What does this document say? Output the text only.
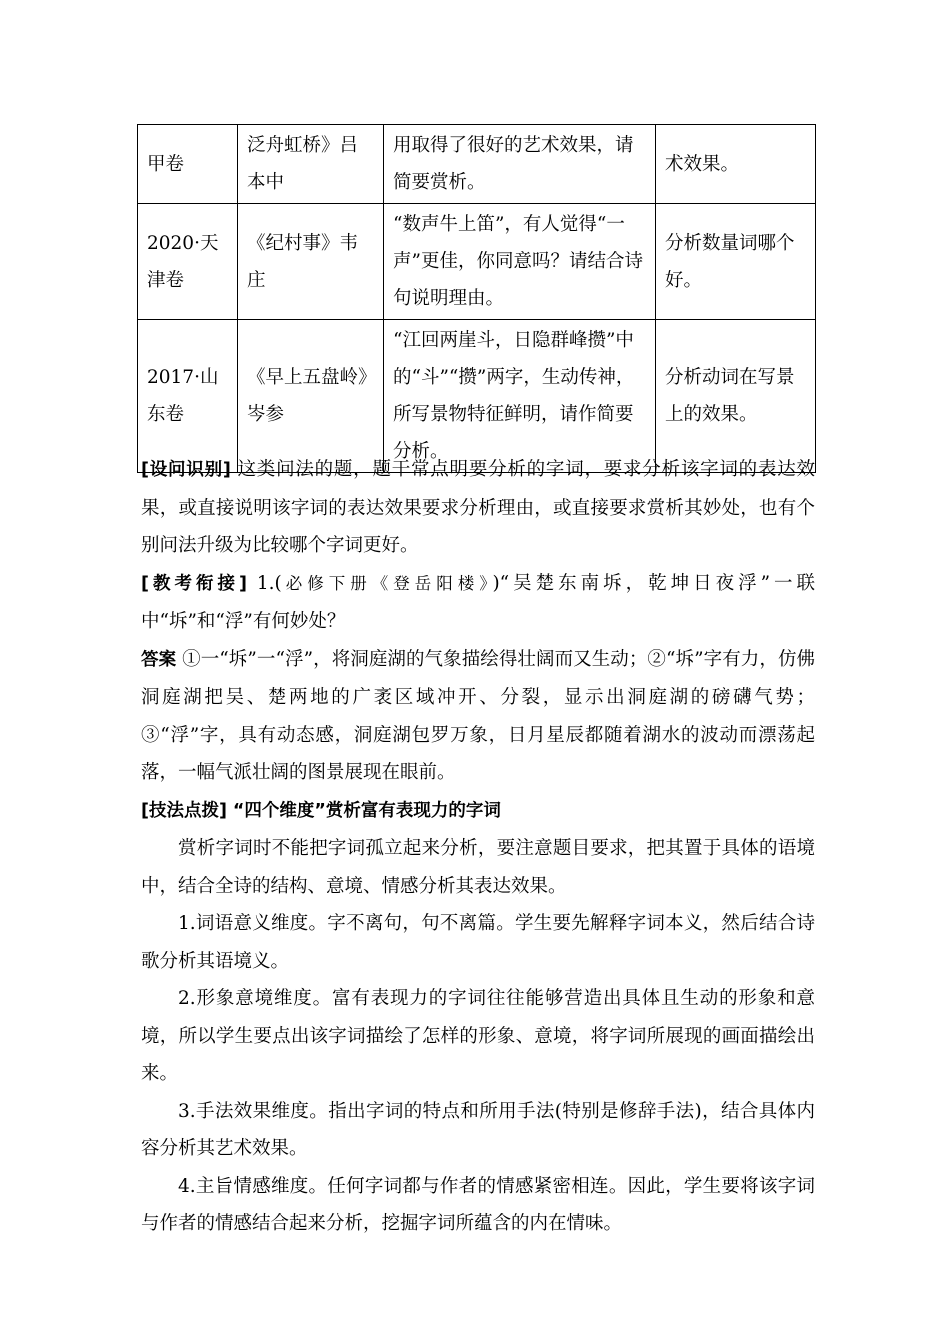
甲卷	泛舟虹桥》吕本中	用取得了很好的艺术效果，请简要赏析。	术效果。
2020·天津卷	《纪村事》韦庄	“数声牛上笛”，有人觉得“一声”更佳，你同意吗？请结合诗句说明理由。	分析数量词哪个好。
2017·山东卷	《早上五盘岭》岑参	“江回两崖斗，日隐群峰攒”中的“斗”“攒”两字，生动传神，所写景物特征鲜明，请作简要分析。	分析动词在写景上的效果。

[设问识别] 这类问法的题，题干常点明要分析的字词，要求分析该字词的表达效果，或直接说明该字词的表达效果要求分析理由，或直接要求赏析其妙处，也有个别问法升级为比较哪个字词更好。

[教考衔接] 1.(必修下册《登岳阳楼》)“吴楚东南坼，乾坤日夜浮”一联中“坼”和“浮”有何妙处？

答案 ①一“坼”一“浮”，将洞庭湖的气象描绘得壮阔而又生动；②“坼”字有力，仿佛洞庭湖把吴、楚两地的广袤区域冲开、分裂，显示出洞庭湖的磅礴气势；③“浮”字，具有动态感，洞庭湖包罗万象，日月星辰都随着湖水的波动而漂荡起落，一幅气派壮阔的图景展现在眼前。

[技法点拨] “四个维度”赏析富有表现力的字词

赏析字词时不能把字词孤立起来分析，要注意题目要求，把其置于具体的语境中，结合全诗的结构、意境、情感分析其表达效果。

1.词语意义维度。字不离句，句不离篇。学生要先解释字词本义，然后结合诗歌分析其语境义。

2.形象意境维度。富有表现力的字词往往能够营造出具体且生动的形象和意境，所以学生要点出该字词描绘了怎样的形象、意境，将字词所展现的画面描绘出来。

3.手法效果维度。指出字词的特点和所用手法(特别是修辞手法)，结合具体内容分析其艺术效果。

4.主旨情感维度。任何字词都与作者的情感紧密相连。因此，学生要将该字词与作者的情感结合起来分析，挖掘字词所蕴含的内在情味。
